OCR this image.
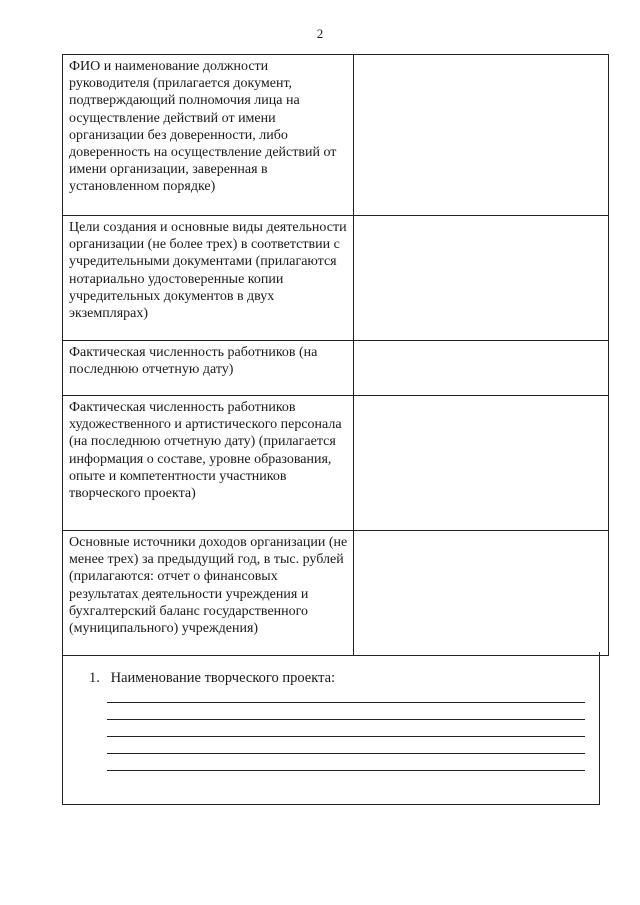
2
ФИО и наименование должности руководителя (прилагается документ, подтверждающий полномочия лица на осуществление действий от имени организации без доверенности, либо доверенность на осуществление действий от имени организации, заверенная в установленном порядке)	
Цели создания и основные виды деятельности организации (не более трех) в соответствии с учредительными документами (прилагаются нотариально удостоверенные копии учредительных документов в двух экземплярах)	
Фактическая численность работников (на последнюю отчетную дату)	
Фактическая численность работников художественного и артистического персонала (на последнюю отчетную дату) (прилагается информация о составе, уровне образования, опыте и компетентности участников творческого проекта)	
Основные источники доходов организации (не менее трех) за предыдущий год, в тыс. рублей (прилагаются: отчет о финансовых результатах деятельности учреждения и бухгалтерский баланс государственного (муниципального) учреждения)	
1. Наименование творческого проекта:
